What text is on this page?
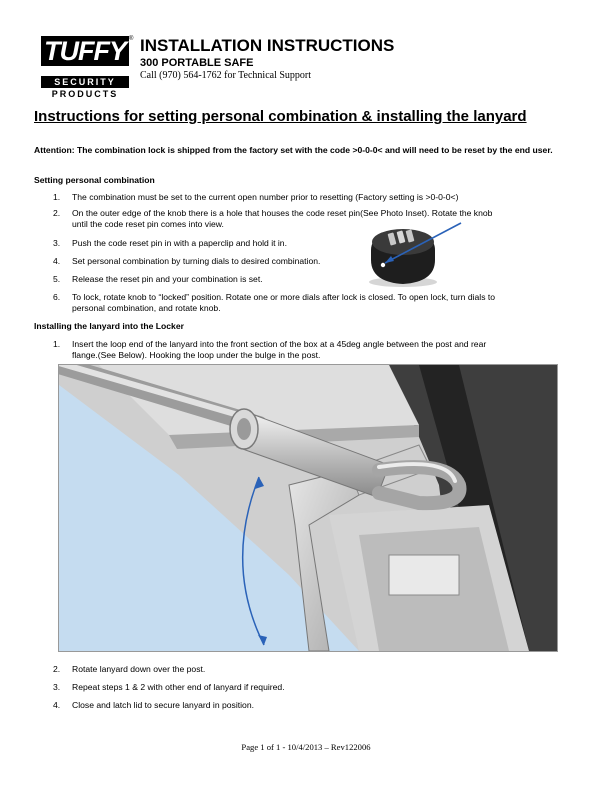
TUFFY ®
SECURITY
PRODUCTS
INSTALLATION INSTRUCTIONS
300 PORTABLE SAFE
Call (970) 564-1762 for Technical Support
Instructions for setting personal combination & installing the lanyard
Attention: The combination lock is shipped from the factory set with the code >0-0-0< and will need to be reset by the end user.
Setting personal combination
1.	The combination must be set to the current open number prior to resetting (Factory setting is >0-0-0<)
2.	On the outer edge of the knob there is a hole that houses the code reset pin(See Photo Inset). Rotate the knob
until the code reset pin comes into view.
3.	Push the code reset pin in with a paperclip and hold it in.
4.	Set personal combination by turning dials to desired combination.
5.	Release the reset pin and your combination is set.
6.	To lock, rotate knob to “locked” position. Rotate one or more dials after lock is closed. To open lock, turn dials to
personal combination, and rotate knob.
Installing the lanyard into the Locker
1.	Insert the loop end of the lanyard into the front section of the box at a 45deg angle between the post and rear
flange.(See Below). Hooking the loop under the bulge in the post.
2.	Rotate lanyard down over the post.
3.	Repeat steps 1 & 2 with other end of lanyard if required.
4.	Close and latch lid to secure lanyard in position.
Page 1 of 1 - 10/4/2013 – Rev122006
